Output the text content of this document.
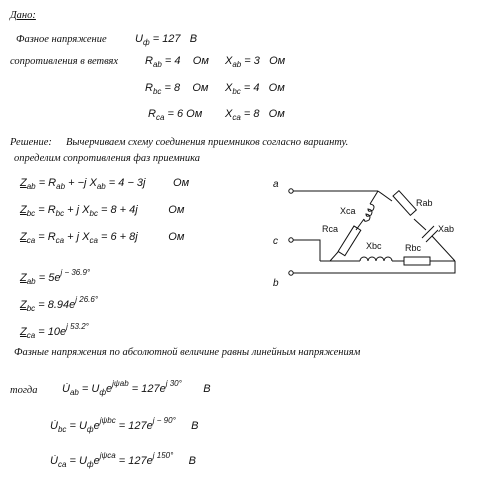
Дано:
Фазное напряжение	$U_ф = 127$ В
сопротивления в ветвях $R_{ab} = 4$ Ом $X_{ab} = 3$ Ом
$R_{bc} = 8$ Ом $X_{bc} = 4$ Ом
$R_{ca} = 6$ Ом $X_{ca} = 8$ Ом
Решение: Вычерчиваем схему соединения приемников согласно варианту.
определим сопротивления фаз приемника
$Z_{ab} = R_{ab} + -j$ $X_{ab} = 4 - 3j$	Ом
$Z_{bc} = R_{bc} + j$ $X_{bc} = 8 + 4j$	Ом
$Z_{ca} = R_{ca} + j$ $X_{ca} = 6 + 8j$	Ом
$Z_{ab} = 5e^{j - 36.9^\circ}$
$Z_{bc} = 8.94e^{j 26.6^\circ}$
$Z_{ca} = 10e^{j 53.2^\circ}$
Фазные напряжения по абсолютной величине равны линейным напряжениям
тогда $U̇_{ab} = U_фe^{j\psi ab} = 127e^{j 30^\circ}$ В
$U̇_{bc} = U_фe^{j\psi bc} = 127e^{j - 90^\circ}$ В
$U̇_{ca} = U_фe^{j\psi ca} = 127e^{j 150^\circ}$ В
a
c
b
Rab
Xab
Xca
Rca
Xbc	Rbc
